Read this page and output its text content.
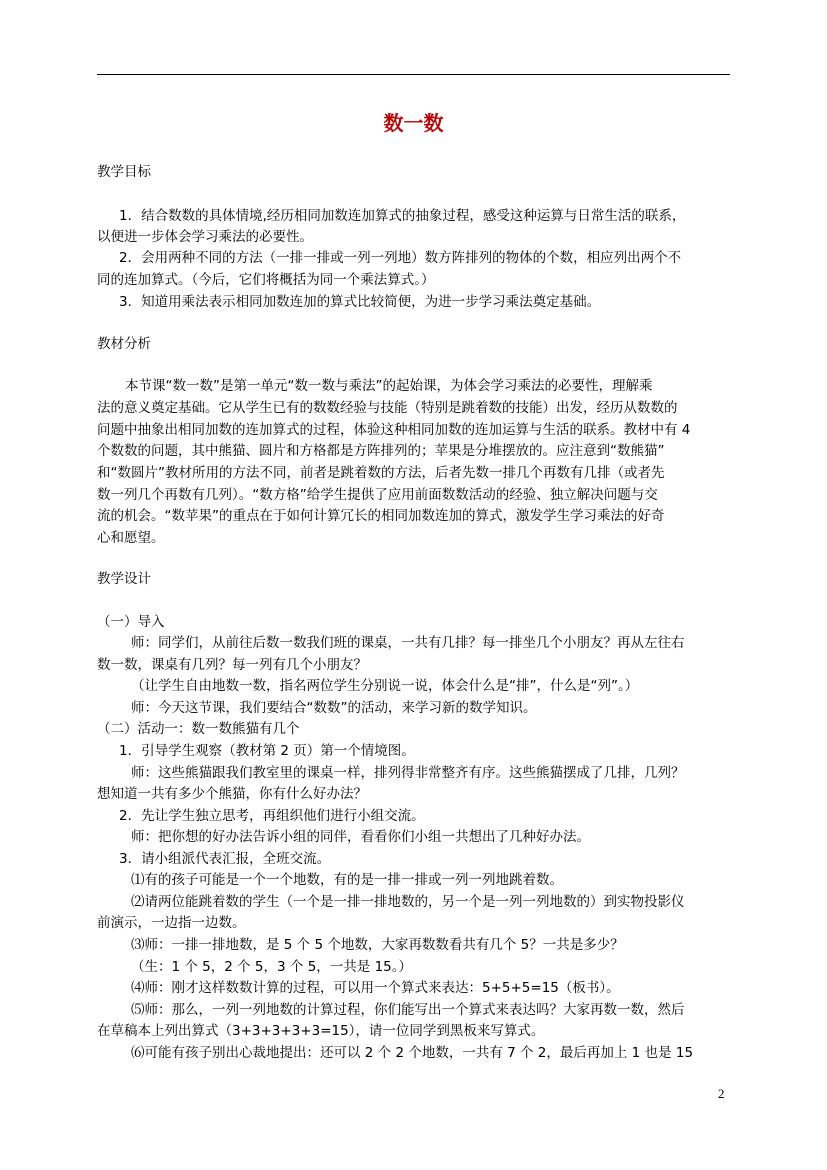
数一数
教学目标
1．结合数数的具体情境,经历相同加数连加算式的抽象过程，感受这种运算与日常生活的联系，
以便进一步体会学习乘法的必要性。
2．会用两种不同的方法（一排一排或一列一列地）数方阵排列的物体的个数，相应列出两个不
同的连加算式。（今后，它们将概括为同一个乘法算式。）
3．知道用乘法表示相同加数连加的算式比较简便，为进一步学习乘法奠定基础。
教材分析
本节课“数一数”是第一单元“数一数与乘法”的起始课，为体会学习乘法的必要性，理解乘
法的意义奠定基础。它从学生已有的数数经验与技能（特别是跳着数的技能）出发，经历从数数的
问题中抽象出相同加数的连加算式的过程，体验这种相同加数的连加运算与生活的联系。教材中有 4
个数数的问题，其中熊猫、圆片和方格都是方阵排列的；苹果是分堆摆放的。应注意到“数熊猫”
和“数圆片”教材所用的方法不同，前者是跳着数的方法，后者先数一排几个再数有几排（或者先
数一列几个再数有几列）。“数方格”给学生提供了应用前面数数活动的经验、独立解决问题与交
流的机会。“数苹果”的重点在于如何计算冗长的相同加数连加的算式，激发学生学习乘法的好奇
心和愿望。
教学设计
（一）导入
师：同学们，从前往后数一数我们班的课桌，一共有几排？每一排坐几个小朋友？再从左往右
数一数，课桌有几列？每一列有几个小朋友？
（让学生自由地数一数，指名两位学生分别说一说，体会什么是“排”，什么是“列”。）
师：今天这节课，我们要结合“数数”的活动，来学习新的数学知识。
（二）活动一：数一数熊猫有几个
1．引导学生观察（教材第 2 页）第一个情境图。
师：这些熊猫跟我们教室里的课桌一样，排列得非常整齐有序。这些熊猫摆成了几排，几列？
想知道一共有多少个熊猫，你有什么好办法？
2．先让学生独立思考，再组织他们进行小组交流。
师：把你想的好办法告诉小组的同伴，看看你们小组一共想出了几种好办法。
3．请小组派代表汇报，全班交流。
⑴有的孩子可能是一个一个地数，有的是一排一排或一列一列地跳着数。
⑵请两位能跳着数的学生（一个是一排一排地数的，另一个是一列一列地数的）到实物投影仪
前演示，一边指一边数。
⑶师：一排一排地数，是 5 个 5 个地数，大家再数数看共有几个 5？一共是多少？
（生：1 个 5，2 个 5，3 个 5，一共是 15。）
⑷师：刚才这样数数计算的过程，可以用一个算式来表达：5+5+5=15（板书）。
⑸师：那么，一列一列地数的计算过程，你们能写出一个算式来表达吗？大家再数一数，然后
在草稿本上列出算式（3+3+3+3+3=15），请一位同学到黑板来写算式。
⑹可能有孩子别出心裁地提出：还可以 2 个 2 个地数，一共有 7 个 2，最后再加上 1 也是 15
2
